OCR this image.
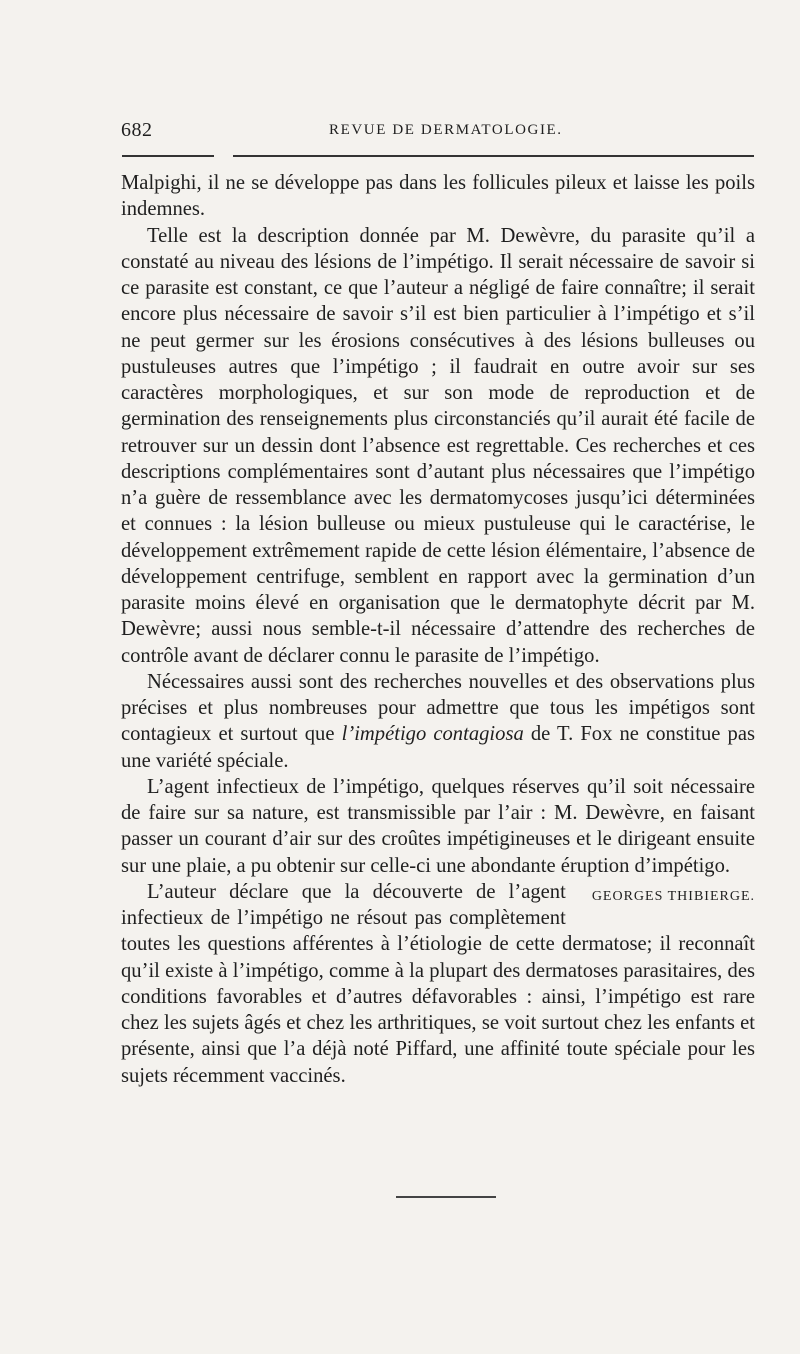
682	REVUE DE DERMATOLOGIE.

Malpighi, il ne se développe pas dans les follicules pileux et laisse les poils indemnes.

Telle est la description donnée par M. Dewèvre, du parasite qu’il a constaté au niveau des lésions de l’impétigo. Il serait nécessaire de savoir si ce parasite est constant, ce que l’auteur a négligé de faire connaître; il serait encore plus nécessaire de savoir s’il est bien particulier à l’impétigo et s’il ne peut germer sur les érosions consécutives à des lésions bulleuses ou pustuleuses autres que l’impétigo ; il faudrait en outre avoir sur ses caractères morphologiques, et sur son mode de reproduction et de germination des renseignements plus circonstanciés qu’il aurait été facile de retrouver sur un dessin dont l’absence est regrettable. Ces recherches et ces descriptions complémentaires sont d’autant plus nécessaires que l’impétigo n’a guère de ressemblance avec les dermatomycoses jusqu’ici déterminées et connues : la lésion bulleuse ou mieux pustuleuse qui le caractérise, le développement extrêmement rapide de cette lésion élémentaire, l’absence de développement centrifuge, semblent en rapport avec la germination d’un parasite moins élevé en organisation que le dermatophyte décrit par M. Dewèvre; aussi nous semble-t-il nécessaire d’attendre des recherches de contrôle avant de déclarer connu le parasite de l’impétigo.

Nécessaires aussi sont des recherches nouvelles et des observations plus précises et plus nombreuses pour admettre que tous les impétigos sont contagieux et surtout que l’impétigo contagiosa de T. Fox ne constitue pas une variété spéciale.

L’agent infectieux de l’impétigo, quelques réserves qu’il soit nécessaire de faire sur sa nature, est transmissible par l’air : M. Dewèvre, en faisant passer un courant d’air sur des croûtes impétigineuses et le dirigeant ensuite sur une plaie, a pu obtenir sur celle-ci une abondante éruption d’impétigo.

GEORGES THIBIERGE.
L’auteur déclare que la découverte de l’agent infectieux de l’impétigo ne résout pas complètement toutes les questions afférentes à l’étiologie de cette dermatose; il reconnaît qu’il existe à l’impétigo, comme à la plupart des dermatoses parasitaires, des conditions favorables et d’autres défavorables : ainsi, l’impétigo est rare chez les sujets âgés et chez les arthritiques, se voit surtout chez les enfants et présente, ainsi que l’a déjà noté Piffard, une affinité toute spéciale pour les sujets récemment vaccinés.
